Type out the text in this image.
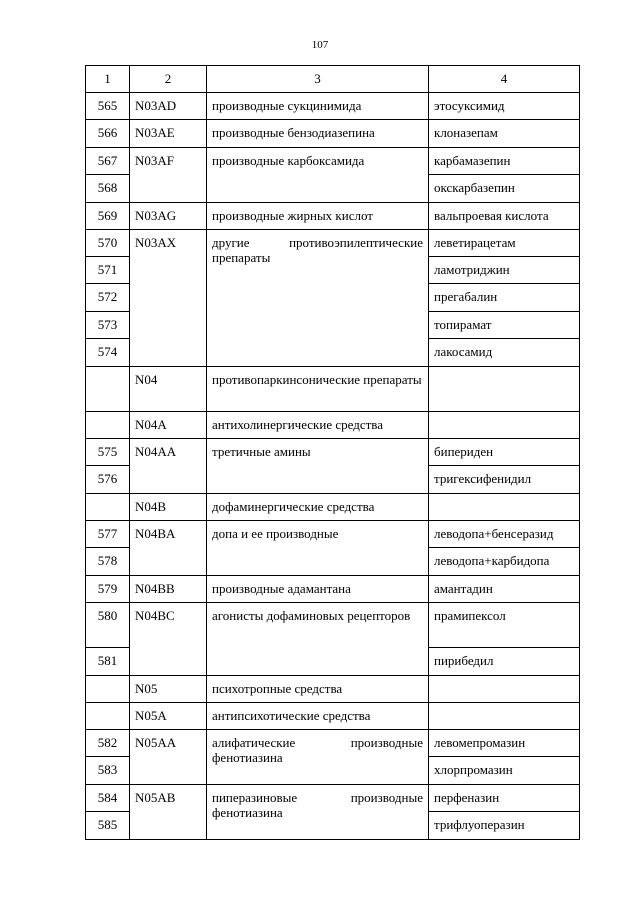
107
1	2	3	4
565	N03AD	производные сукцинимида	этосуксимид
566	N03AE	производные бензодиазепина	клоназепам
567	N03AF	производные карбоксамида	карбамазепин
568			окскарбазепин
569	N03AG	производные жирных кислот	вальпроевая кислота
570	N03AX	другие противоэпилептические препараты	леветирацетам
571			ламотриджин
572			прегабалин
573			топирамат
574			лакосамид
	N04	противопаркинсонические препараты	
	N04A	антихолинергические средства	
575	N04AA	третичные амины	бипериден
576			тригексифенидил
	N04B	дофаминергические средства	
577	N04BA	допа и ее производные	леводопа+бенсеразид
578			леводопа+карбидопа
579	N04BB	производные адамантана	амантадин
580	N04BC	агонисты дофаминовых рецепторов	прамипексол
581			пирибедил
	N05	психотропные средства	
	N05A	антипсихотические средства	
582	N05AA	алифатические производные фенотиазина	левомепромазин
583			хлорпромазин
584	N05AB	пиперазиновые производные фенотиазина	перфеназин
585			трифлуоперазин
